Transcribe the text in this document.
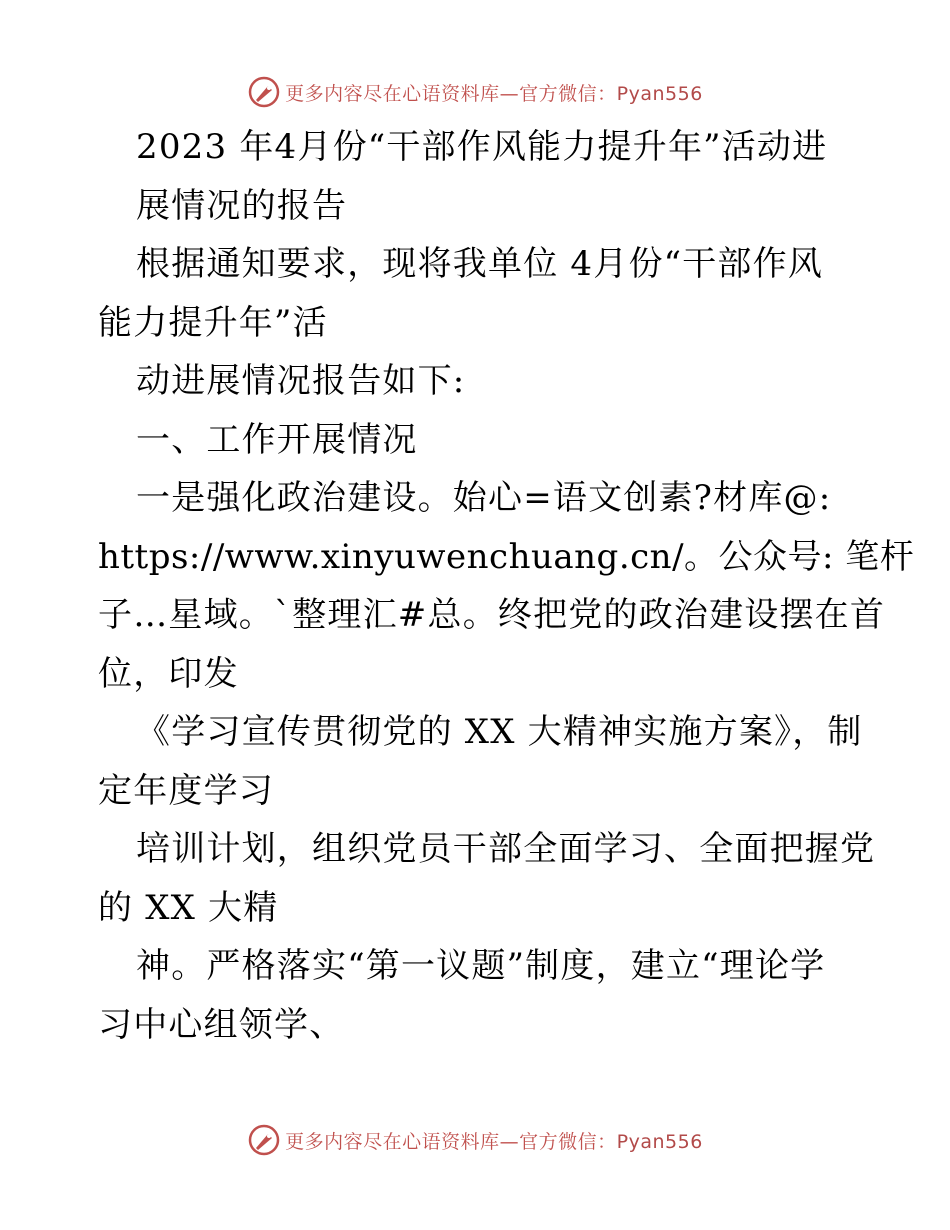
更多内容尽在心语资料库—官方微信：Pyan556
2023 年4月份“干部作风能力提升年”活动进
展情况的报告
根据通知要求，现将我单位 4月份“干部作风
能力提升年”活
动进展情况报告如下:
一、工作开展情况
一是强化政治建设。始心=语文创素?材库@:
https://www.xinyuwenchuang.cn/。公众号: 笔杆
子…星域。`整理汇#总。终把党的政治建设摆在首
位，印发
《学习宣传贯彻党的 XX 大精神实施方案》，制
定年度学习
培训计划，组织党员干部全面学习、全面把握党
的 XX 大精
神。严格落实“第一议题”制度，建立“理论学
习中心组领学、
更多内容尽在心语资料库—官方微信：Pyan556
